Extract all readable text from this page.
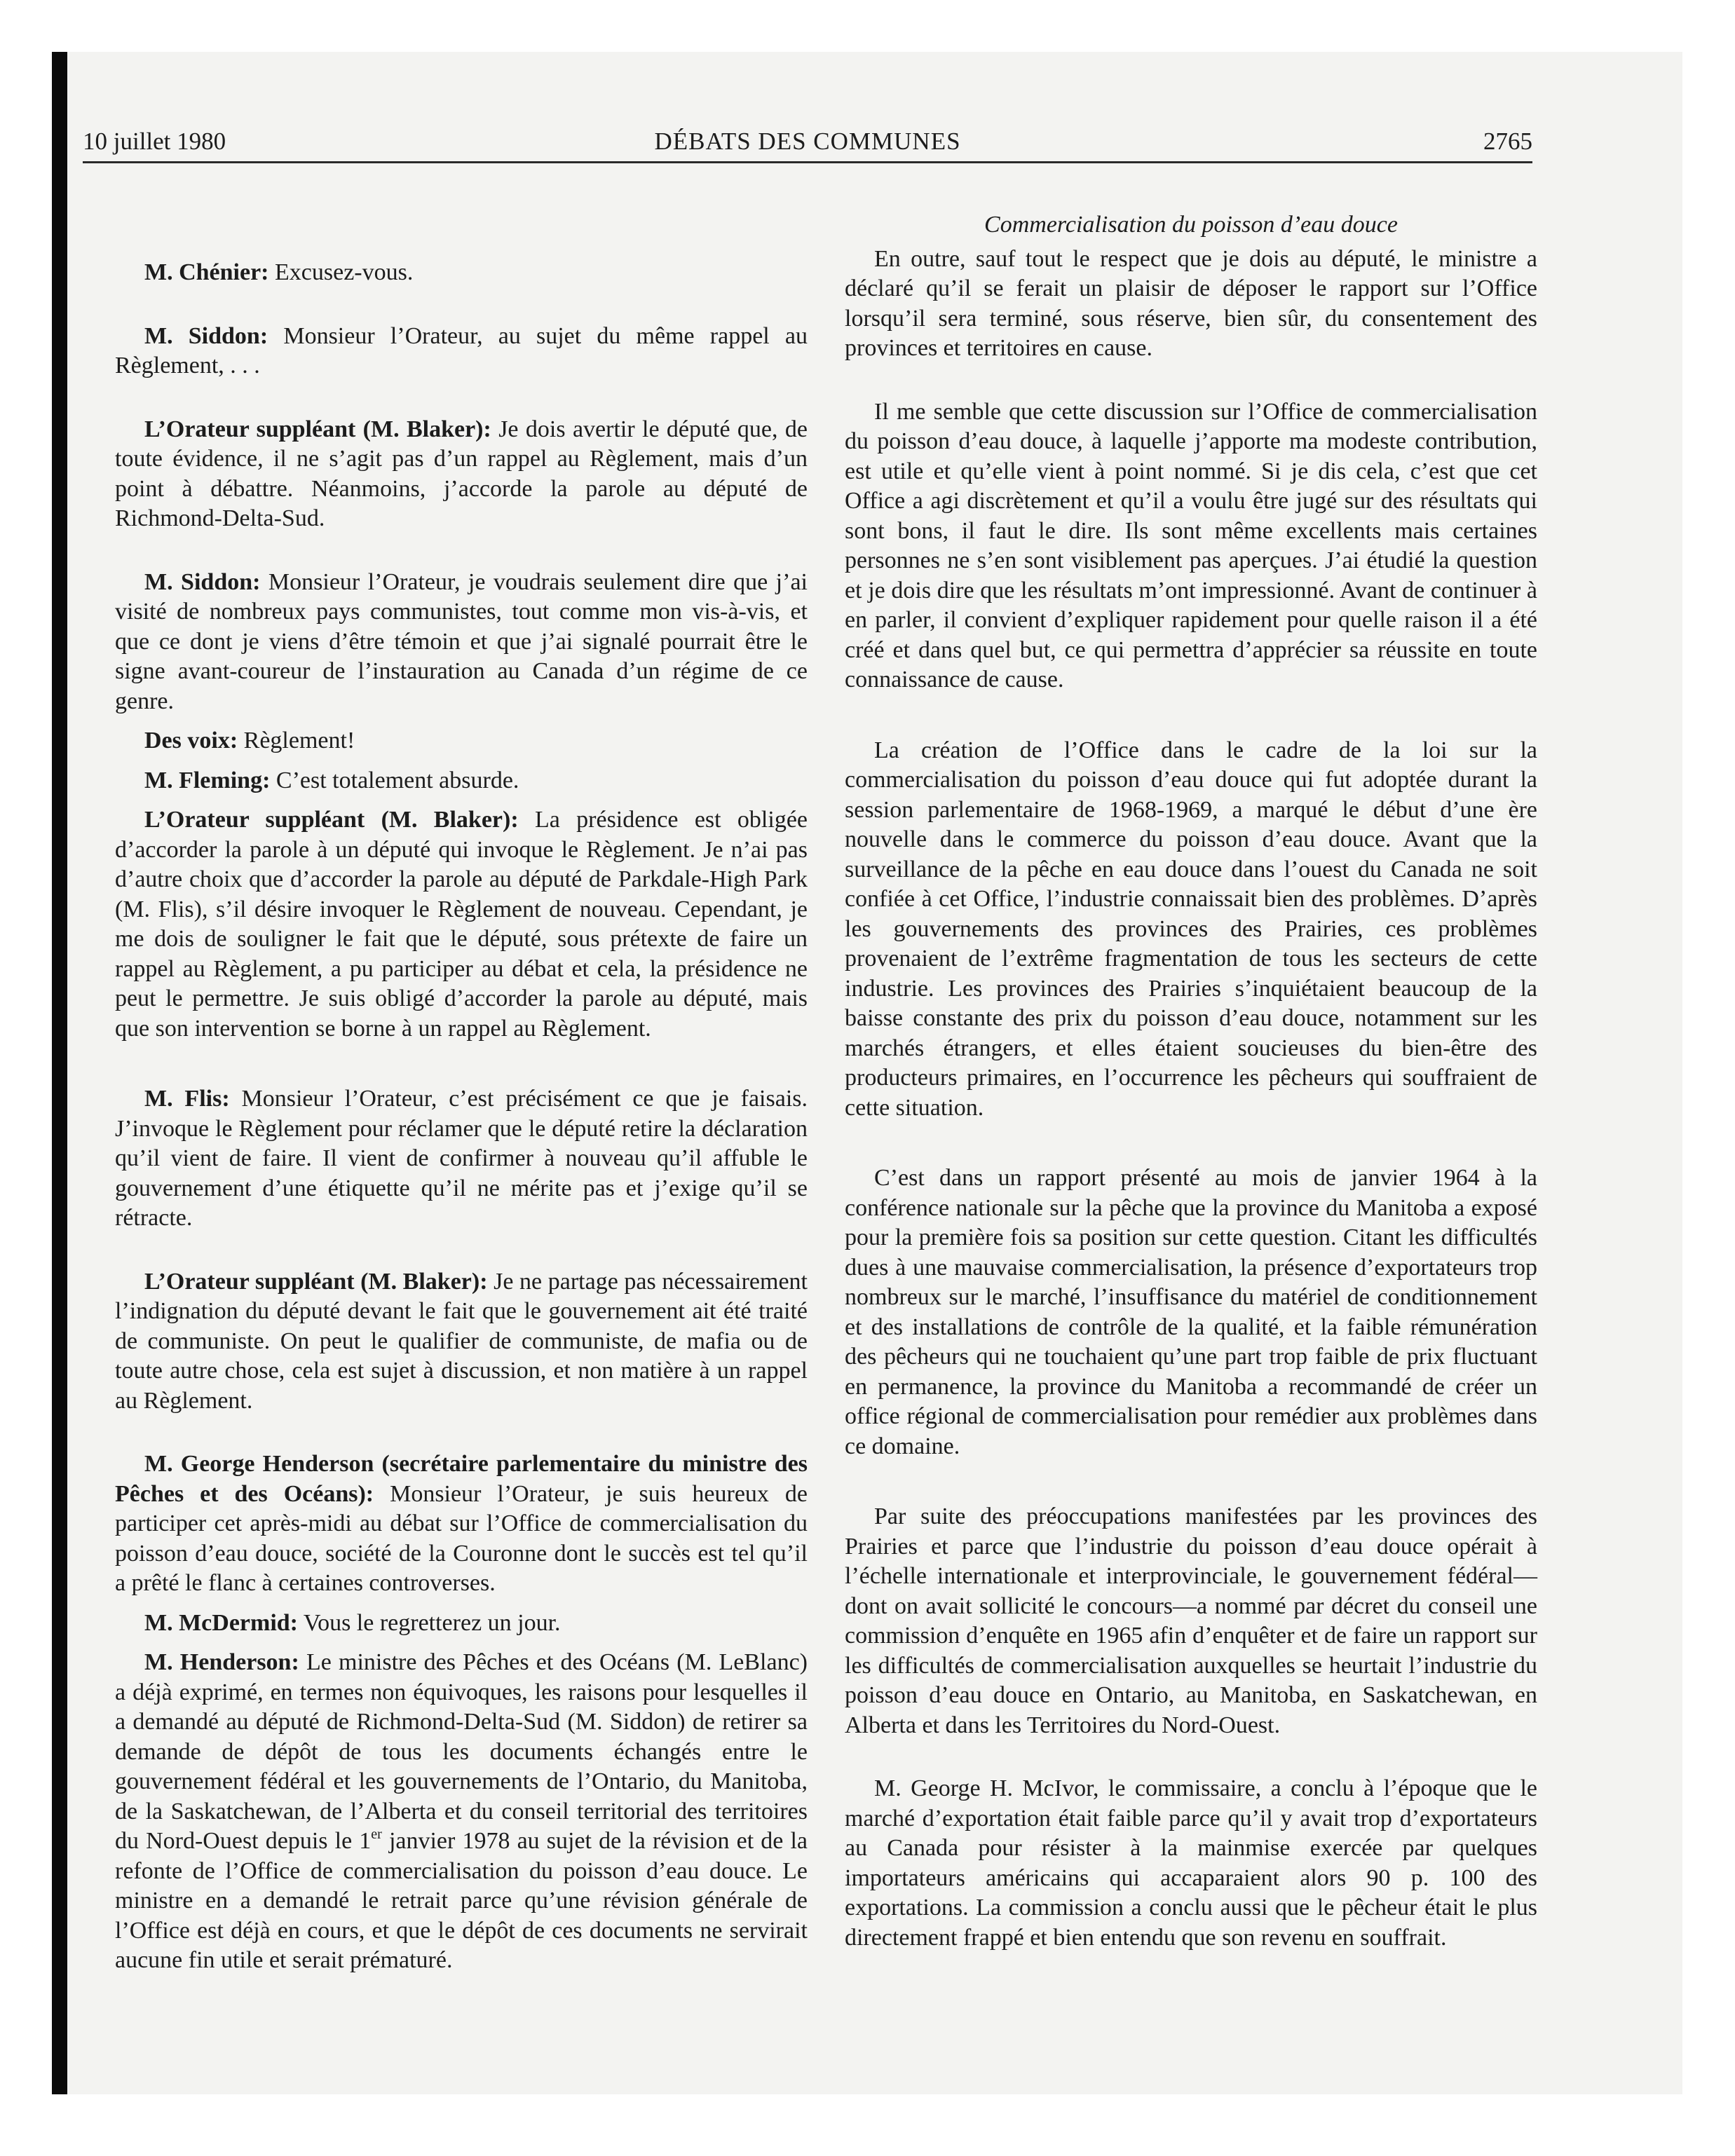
10 juillet 1980	DÉBATS DES COMMUNES	2765

M. Chénier: Excusez-vous.

M. Siddon: Monsieur l’Orateur, au sujet du même rappel au Règlement, . . .

L’Orateur suppléant (M. Blaker): Je dois avertir le député que, de toute évidence, il ne s’agit pas d’un rappel au Règlement, mais d’un point à débattre. Néanmoins, j’accorde la parole au député de Richmond-Delta-Sud.

M. Siddon: Monsieur l’Orateur, je voudrais seulement dire que j’ai visité de nombreux pays communistes, tout comme mon vis-à-vis, et que ce dont je viens d’être témoin et que j’ai signalé pourrait être le signe avant-coureur de l’instauration au Canada d’un régime de ce genre.

Des voix: Règlement!

M. Fleming: C’est totalement absurde.

L’Orateur suppléant (M. Blaker): La présidence est obligée d’accorder la parole à un député qui invoque le Règlement. Je n’ai pas d’autre choix que d’accorder la parole au député de Parkdale-High Park (M. Flis), s’il désire invoquer le Règlement de nouveau. Cependant, je me dois de souligner le fait que le député, sous prétexte de faire un rappel au Règlement, a pu participer au débat et cela, la présidence ne peut le permettre. Je suis obligé d’accorder la parole au député, mais que son intervention se borne à un rappel au Règlement.

M. Flis: Monsieur l’Orateur, c’est précisément ce que je faisais. J’invoque le Règlement pour réclamer que le député retire la déclaration qu’il vient de faire. Il vient de confirmer à nouveau qu’il affuble le gouvernement d’une étiquette qu’il ne mérite pas et j’exige qu’il se rétracte.

L’Orateur suppléant (M. Blaker): Je ne partage pas nécessairement l’indignation du député devant le fait que le gouvernement ait été traité de communiste. On peut le qualifier de communiste, de mafia ou de toute autre chose, cela est sujet à discussion, et non matière à un rappel au Règlement.

M. George Henderson (secrétaire parlementaire du ministre des Pêches et des Océans): Monsieur l’Orateur, je suis heureux de participer cet après-midi au débat sur l’Office de commercialisation du poisson d’eau douce, société de la Couronne dont le succès est tel qu’il a prêté le flanc à certaines controverses.

M. McDermid: Vous le regretterez un jour.

M. Henderson: Le ministre des Pêches et des Océans (M. LeBlanc) a déjà exprimé, en termes non équivoques, les raisons pour lesquelles il a demandé au député de Richmond-Delta-Sud (M. Siddon) de retirer sa demande de dépôt de tous les documents échangés entre le gouvernement fédéral et les gouvernements de l’Ontario, du Manitoba, de la Saskatchewan, de l’Alberta et du conseil territorial des territoires du Nord-Ouest depuis le 1er janvier 1978 au sujet de la révision et de la refonte de l’Office de commercialisation du poisson d’eau douce. Le ministre en a demandé le retrait parce qu’une révision générale de l’Office est déjà en cours, et que le dépôt de ces documents ne servirait aucune fin utile et serait prématuré.

Commercialisation du poisson d’eau douce

En outre, sauf tout le respect que je dois au député, le ministre a déclaré qu’il se ferait un plaisir de déposer le rapport sur l’Office lorsqu’il sera terminé, sous réserve, bien sûr, du consentement des provinces et territoires en cause.

Il me semble que cette discussion sur l’Office de commercialisation du poisson d’eau douce, à laquelle j’apporte ma modeste contribution, est utile et qu’elle vient à point nommé. Si je dis cela, c’est que cet Office a agi discrètement et qu’il a voulu être jugé sur des résultats qui sont bons, il faut le dire. Ils sont même excellents mais certaines personnes ne s’en sont visiblement pas aperçues. J’ai étudié la question et je dois dire que les résultats m’ont impressionné. Avant de continuer à en parler, il convient d’expliquer rapidement pour quelle raison il a été créé et dans quel but, ce qui permettra d’apprécier sa réussite en toute connaissance de cause.

La création de l’Office dans le cadre de la loi sur la commercialisation du poisson d’eau douce qui fut adoptée durant la session parlementaire de 1968-1969, a marqué le début d’une ère nouvelle dans le commerce du poisson d’eau douce. Avant que la surveillance de la pêche en eau douce dans l’ouest du Canada ne soit confiée à cet Office, l’industrie connaissait bien des problèmes. D’après les gouvernements des provinces des Prairies, ces problèmes provenaient de l’extrême fragmentation de tous les secteurs de cette industrie. Les provinces des Prairies s’inquiétaient beaucoup de la baisse constante des prix du poisson d’eau douce, notamment sur les marchés étrangers, et elles étaient soucieuses du bien-être des producteurs primaires, en l’occurrence les pêcheurs qui souffraient de cette situation.

C’est dans un rapport présenté au mois de janvier 1964 à la conférence nationale sur la pêche que la province du Manitoba a exposé pour la première fois sa position sur cette question. Citant les difficultés dues à une mauvaise commercialisation, la présence d’exportateurs trop nombreux sur le marché, l’insuffisance du matériel de conditionnement et des installations de contrôle de la qualité, et la faible rémunération des pêcheurs qui ne touchaient qu’une part trop faible de prix fluctuant en permanence, la province du Manitoba a recommandé de créer un office régional de commercialisation pour remédier aux problèmes dans ce domaine.

Par suite des préoccupations manifestées par les provinces des Prairies et parce que l’industrie du poisson d’eau douce opérait à l’échelle internationale et interprovinciale, le gouvernement fédéral—dont on avait sollicité le concours—a nommé par décret du conseil une commission d’enquête en 1965 afin d’enquêter et de faire un rapport sur les difficultés de commercialisation auxquelles se heurtait l’industrie du poisson d’eau douce en Ontario, au Manitoba, en Saskatchewan, en Alberta et dans les Territoires du Nord-Ouest.

M. George H. McIvor, le commissaire, a conclu à l’époque que le marché d’exportation était faible parce qu’il y avait trop d’exportateurs au Canada pour résister à la mainmise exercée par quelques importateurs américains qui accaparaient alors 90 p. 100 des exportations. La commission a conclu aussi que le pêcheur était le plus directement frappé et bien entendu que son revenu en souffrait.
